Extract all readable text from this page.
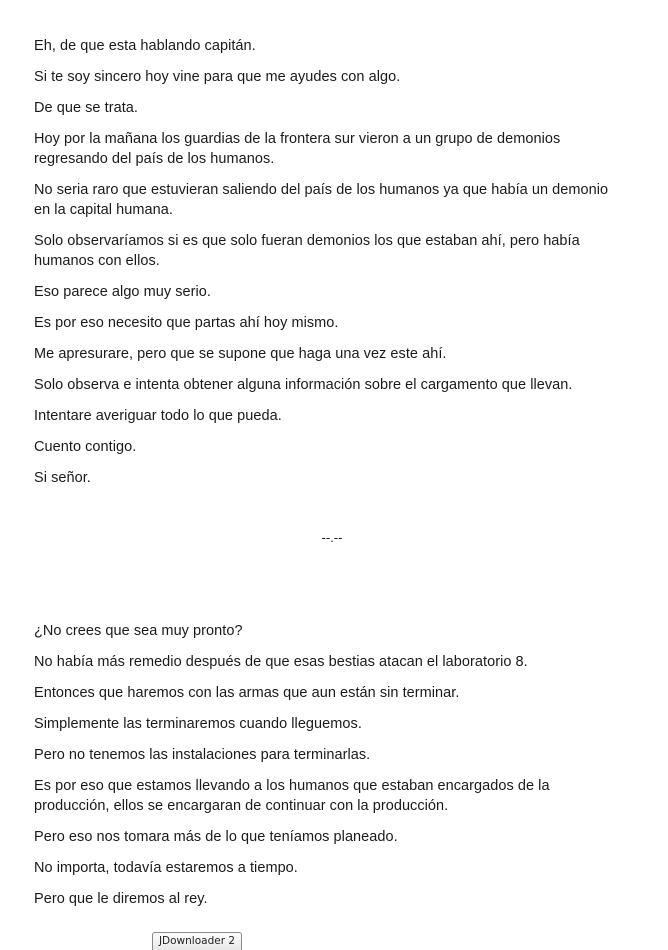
Eh, de que esta hablando capitán.

Si te soy sincero hoy vine para que me ayudes con algo.

De que se trata.

Hoy por la mañana los guardias de la frontera sur vieron a un grupo de demonios regresando del país de los humanos.

No seria raro que estuvieran saliendo del país de los humanos ya que había un demonio en la capital humana.

Solo observaríamos si es que solo fueran demonios los que estaban ahí, pero había humanos con ellos.

Eso parece algo muy serio.

Es por eso necesito que partas ahí hoy mismo.

Me apresurare, pero que se supone que haga una vez este ahí.

Solo observa e intenta obtener alguna información sobre el cargamento que llevan.

Intentare averiguar todo lo que pueda.

Cuento contigo.

Si señor.

--.--

¿No crees que sea muy pronto?

No había más remedio después de que esas bestias atacan el laboratorio 8.

Entonces que haremos con las armas que aun están sin terminar.

Simplemente las terminaremos cuando lleguemos.

Pero no tenemos las instalaciones para terminarlas.

Es por eso que estamos llevando a los humanos que estaban encargados de la producción, ellos se encargaran de continuar con la producción.

Pero eso nos tomara más de lo que teníamos planeado.

No importa, todavía estaremos a tiempo.

Pero que le diremos al rey.

JDownloader 2
